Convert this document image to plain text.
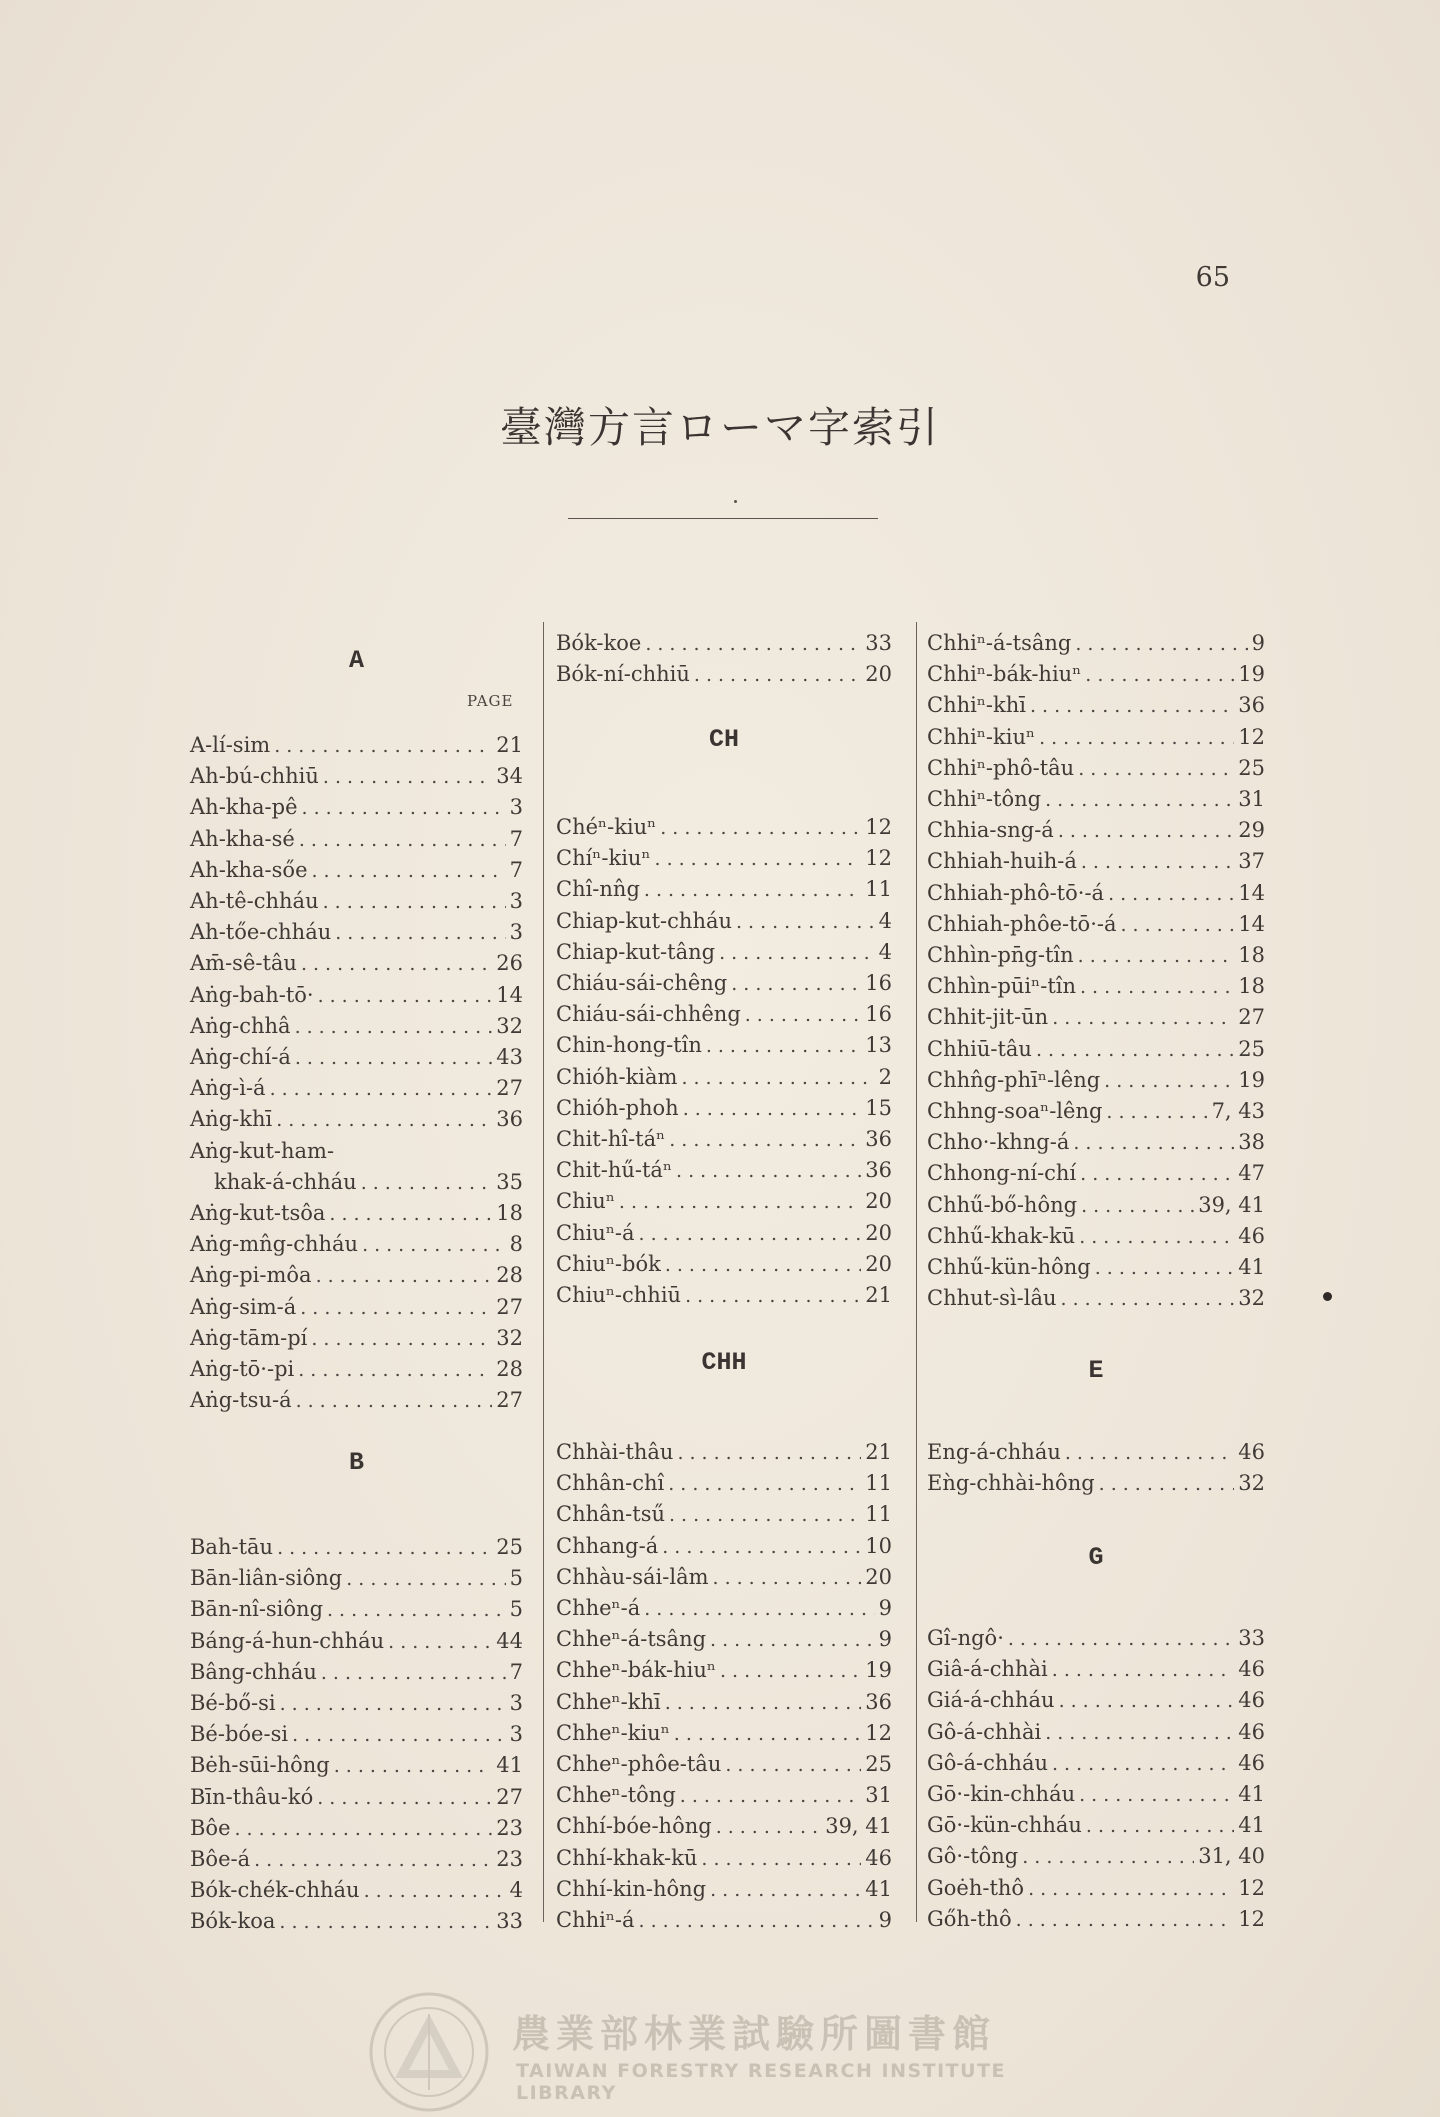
65
臺灣方言ローマ字索引
PAGE
A
A-lí-sim .....	21
Ah-bú-chhiū .....	34
Ah-kha-pê .....	3
Ah-kha-sé .....	7
Ah-kha-sőe .....	7
Ah-tê-chháu .....	3
Ah-tőe-chháu .....	3
Am̄-sê-tâu .....	26
Aṅg-bah-tō· .....	14
Aṅg-chhâ .....	32
Aṅg-chí-á .....	43
Aṅg-ì-á .....	27
Aṅg-khī .....	36
Aṅg-kut-ham-
khak-á-chháu .....	35
Aṅg-kut-tsôa .....	18
Aṅg-mn̂g-chháu .....	8
Aṅg-pi-môa .....	28
Aṅg-sim-á .....	27
Aṅg-tām-pí .....	32
Aṅg-tō·-pi .....	28
Aṅg-tsu-á .....	27
B
Bah-tāu .....	25
Bān-liân-siông .....	5
Bān-nî-siông .....	5
Báng-á-hun-chháu .....	44
Bâng-chháu .....	7
Bé-bő-si .....	3
Bé-bóe-si .....	3
Bėh-sūi-hông .....	41
Bīn-thâu-kó .....	27
Bôe .....	23
Bôe-á .....	23
Bók-chék-chháu .....	4
Bók-koa .....	33
Bók-koe .....	33
Bók-ní-chhiū .....	20
CH
Chéⁿ-kiuⁿ .....	12
Chíⁿ-kiuⁿ .....	12
Chî-nn̂g .....	11
Chiap-kut-chháu .....	4
Chiap-kut-tâng .....	4
Chiáu-sái-chêng .....	16
Chiáu-sái-chhêng .....	16
Chin-hong-tîn .....	13
Chióh-kiàm .....	2
Chióh-phoh .....	15
Chit-hî-táⁿ .....	36
Chit-hű-táⁿ .....	36
Chiuⁿ .....	20
Chiuⁿ-á .....	20
Chiuⁿ-bók .....	20
Chiuⁿ-chhiū .....	21
CHH
Chhài-thâu .....	21
Chhân-chî .....	11
Chhân-tsű .....	11
Chhang-á .....	10
Chhàu-sái-lâm .....	20
Chheⁿ-á .....	9
Chheⁿ-á-tsâng .....	9
Chheⁿ-bák-hiuⁿ .....	19
Chheⁿ-khī .....	36
Chheⁿ-kiuⁿ .....	12
Chheⁿ-phôe-tâu .....	25
Chheⁿ-tông .....	31
Chhí-bóe-hông .....	39, 41
Chhí-khak-kū .....	46
Chhí-kin-hông .....	41
Chhiⁿ-á .....	9
Chhiⁿ-á-tsâng .....	9
Chhiⁿ-bák-hiuⁿ .....	19
Chhiⁿ-khī .....	36
Chhiⁿ-kiuⁿ .....	12
Chhiⁿ-phô-tâu .....	25
Chhiⁿ-tông .....	31
Chhia-sng-á .....	29
Chhiah-huih-á .....	37
Chhiah-phô-tō·-á .....	14
Chhiah-phôe-tō·-á .....	14
Chhìn-pn̄g-tîn .....	18
Chhìn-pūiⁿ-tîn .....	18
Chhit-jit-ūn .....	27
Chhiū-tâu .....	25
Chhn̂g-phīⁿ-lêng .....	19
Chhng-soaⁿ-lêng .....	7, 43
Chho·-khng-á .....	38
Chhong-ní-chí .....	47
Chhű-bő-hông .....	39, 41
Chhű-khak-kū .....	46
Chhű-kün-hông .....	41
Chhut-sì-lâu .....	32
E
Eng-á-chháu .....	46
Eǹg-chhài-hông .....	32
G
Gî-ngô· .....	33
Giâ-á-chhài .....	46
Giá-á-chháu .....	46
Gô-á-chhài .....	46
Gô-á-chháu .....	46
Gō·-kin-chháu .....	41
Gō·-kün-chháu .....	41
Gô·-tông .....	31, 40
Goėh-thô .....	12
Gőh-thô .....	12
農業部林業試驗所圖書館
TAIWAN FORESTRY RESEARCH INSTITUTE LIBRARY
